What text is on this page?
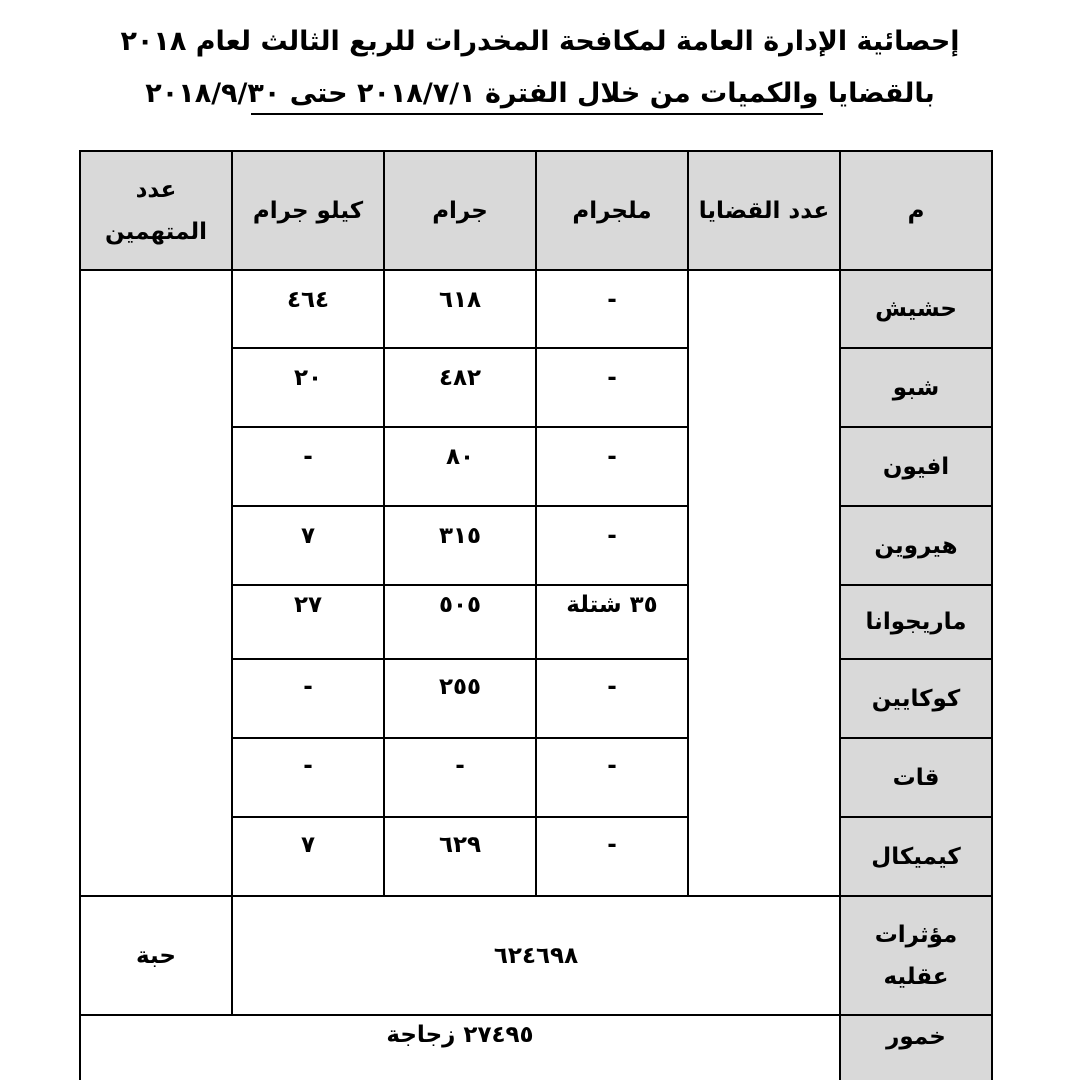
إحصائية الإدارة العامة لمكافحة المخدرات للربع الثالث لعام ٢٠١٨
بالقضايا والكميات من خلال الفترة ٢٠١٨/٧/١ حتى ٢٠١٨/٩/٣٠
م
عدد القضايا
ملجرام
جرام
كيلو جرام
عدد المتهمين
حشيش
-
٦١٨
٤٦٤
شبو
-
٤٨٢
٢٠
افيون
-
٨٠
-
هيروين
-
٣١٥
٧
ماريجوانا
٣٥ شتلة
٥٠٥
٢٧
كوكايين
-
٢٥٥
-
قات
-
-
-
كيميكال
-
٦٢٩
٧
مؤثرات عقليه
٦٢٤٦٩٨
حبة
خمور
٢٧٤٩٥ زجاجة
